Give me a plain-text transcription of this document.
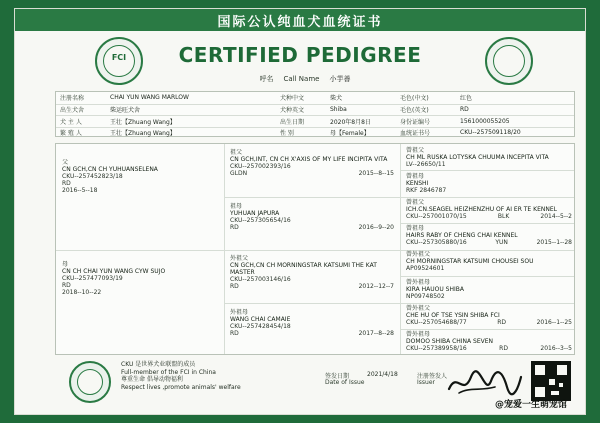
国际公认纯血犬血统证书
CERTIFIED PEDIGREE
FCI
呼名 Call Name 小芋善
注册名称	CHAI YUN WANG MARLOW	犬种中文	柴犬	毛色(中文)	红色
出生犬舍	柴运旺犬舍	犬种英文	Shiba	毛色(英文)	RD
犬 主 人	王壮【Zhuang Wang】	出生日期	2020年8月8日	身份证编号	1561000055205
繁 殖 人	王壮【Zhuang Wang】	性 别	母【Female】	血统证书号	CKU--257509118/20
父
CN GCH,CN CH YUHUANSELENA
CKU--257452823/18
RD
2016--5--18
母
CN CH CHAI YUN WANG CYW SUJO
CKU--257477093/19
RD
2018--10--22
祖父
CN GCH,INT, CN CH X'AXIS OF MY LIFE INCIPITA VITA
CKU--257002393/16
GLDN	2015--8--15
祖母
YUHUAN JAPURA
CKU--257305654/16
RD	2016--9--20
外祖父
CN GCH,CN CH MORNINGSTAR KATSUMI THE KAT MASTER
CKU--257003146/16
RD	2012--12--7
外祖母
WANG CHAI CAMAIE
CKU--257428454/18
RD	2017--8--28
曾祖父
CH ML RUSKA LOTYSKA CHUUMA INCEPITA VITA
LV--26650/11
曾祖母
KENSHI
RKF 2846787
曾祖父
ICH.CN.SEAGEL HEIZHENZHU OF AI ER TE KENNEL
CKU--257001070/15	BLK	2014--5--2
曾祖母
HAIRS RABY OF CHENG CHAI KENNEL
CKU--257305880/16	YUN	2015--1--28
曾外祖父
CH MORNINGSTAR KATSUMI CHOUSEI SOU
AP09524601
曾外祖母
KIRA HAUOU SHIBA
NP09748502
曾外祖父
CHE HU OF TSE YSIN SHIBA FCI
CKU--257054688/77	RD	2016--1--25
曾外祖母
DOMOO SHIBA CHINA SEVEN
CKU--257389958/16	RD	2016--3--5
CKU 是世界犬业联盟的成员
Full-member of the FCI in China
尊重生命 倡导动物福利
Respect lives ,promote animals' welfare
签发日期
Date of Issue
2021/4/18	注册签发人
Issuer
@宠爱一生萌宠馆
